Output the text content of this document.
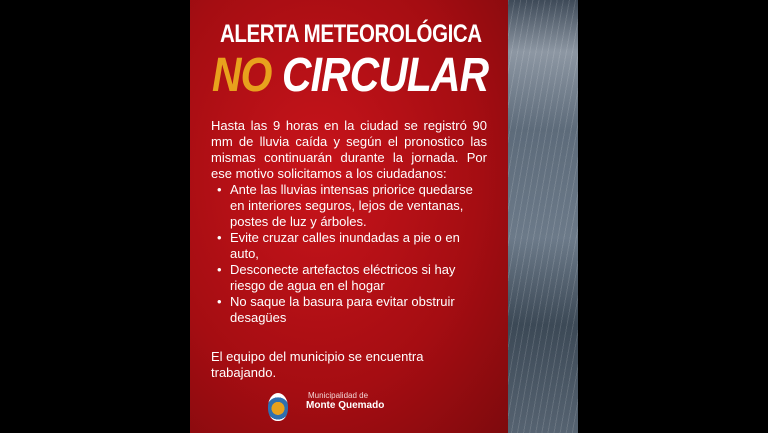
ALERTA METEOROLÓGICA
NO CIRCULAR

Hasta las 9 horas en la ciudad se registró 90 mm de lluvia caída y según el pronostico las mismas continuarán durante la jornada. Por ese motivo solicitamos a los ciudadanos:

• Ante las lluvias intensas priorice quedarse en interiores seguros, lejos de ventanas, postes de luz y árboles.
• Evite cruzar calles inundadas a pie o en auto,
• Desconecte artefactos eléctricos si hay riesgo de agua en el hogar
• No saque la basura para evitar obstruir desagües
El equipo del municipio se encuentra trabajando.
Municipalidad de
Monte Quemado
